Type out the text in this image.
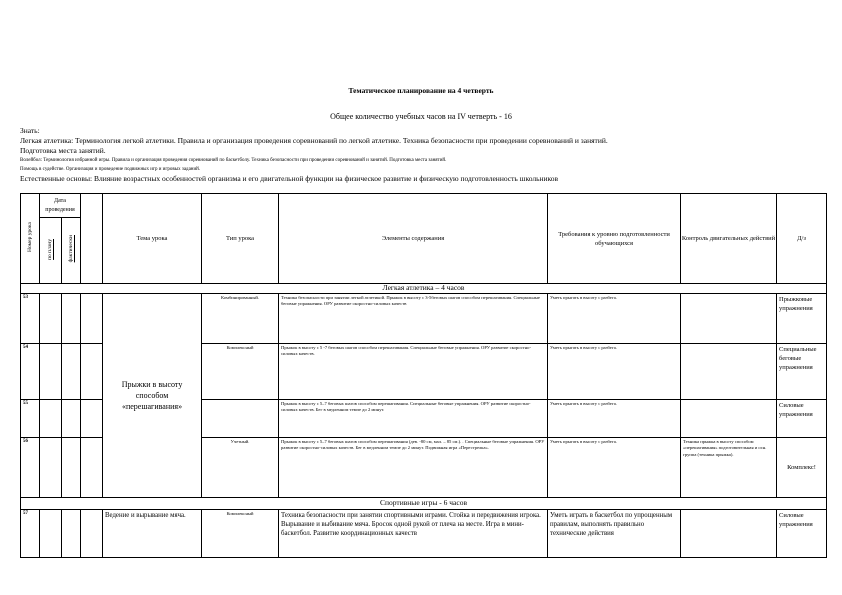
Тематическое планирование на 4 четверть
Общее количество учебных часов на IV четверть - 16

Знать:

Легкая атлетика: Терминология легкой атлетики. Правила и организация проведения соревнований по легкой атлетике. Техника безопасности при проведении соревнований и занятий.

Подготовка места занятий.

Волейбол: Терминология избранной игры. Правила и организация проведения соревнований по баскетболу. Техника безопасности при проведении соревнований и занятий. Подготовка места занятий.

Помощь в судействе. Организация и проведение подвижных игр и игровых заданий.

Естественные основы: Влияние возрастных особенностей организма и его двигательной функции на физическое развитие и физическую подготовленность школьников

Номер урока	Дата проведения			Тема урока	Тип урока	Элементы содержания	Требования к уровню подготовленности обучающихся	Контроль двигательных действий	Д/з
	по плану	фактически							
Легкая атлетика – 4 часов									
53				Прыжки в высоту способом «перешагивания»	Комбинированный.	Техника безопасности при занятии легкой атлетикой. Прыжок в высоту с 3-5беговых шагов способом перешагивания. Специальные беговые упражнения. ОРУ развитие скоростно-силовых качеств	Уметь прыгать в высоту с разбега.		Прыжковые упражнения
54					Комплексный	Прыжок в высоту с 5 -7 беговых шагов способом перешагивания. Специальные беговые упражнения. ОРУ развитие скоростно-силовых качеств.	Уметь прыгать в высоту с разбега.		Специальные беговые упражнения
55						Прыжок в высоту с 5–7 беговых шагов способом перешагивания. Специальные беговые упражнения. ОРУ развитие скоростно-силовых качеств. Бег в медленном темпе до 2 минут.	Уметь прыгать в высоту с разбега.		Силовые упражнения
56					Учетный.	Прыжок в высоту с 5–7 беговых шагов способом перешагивания (дев. -80 см, мал. – 85 см.). . Специальные беговые упражнения. ОРУ развитие скоростно-силовых качеств. Бег в медленном темпе до 2 минут. Подвижная игра «Перестрелка».	Уметь прыгать в высоту с разбега.	Техника прыжка в высоту способом «перешагивания» подготовительная и осн. группа (техника прыжка).	Комплекс!
Спортивные игры - 6 часов									
57				Ведение и вырывание мяча.	Комплексный	Техника безопасности при занятии спортивными играми. Стойка и передвижения игрока. Вырывание и выбивание мяча. Бросок одной рукой от плеча на месте. Игра в мини-баскетбол. Развитие координационных качеств	Уметь играть в баскетбол по упрощенным правилам, выполнять правильно технические действия		Силовые упражнения
